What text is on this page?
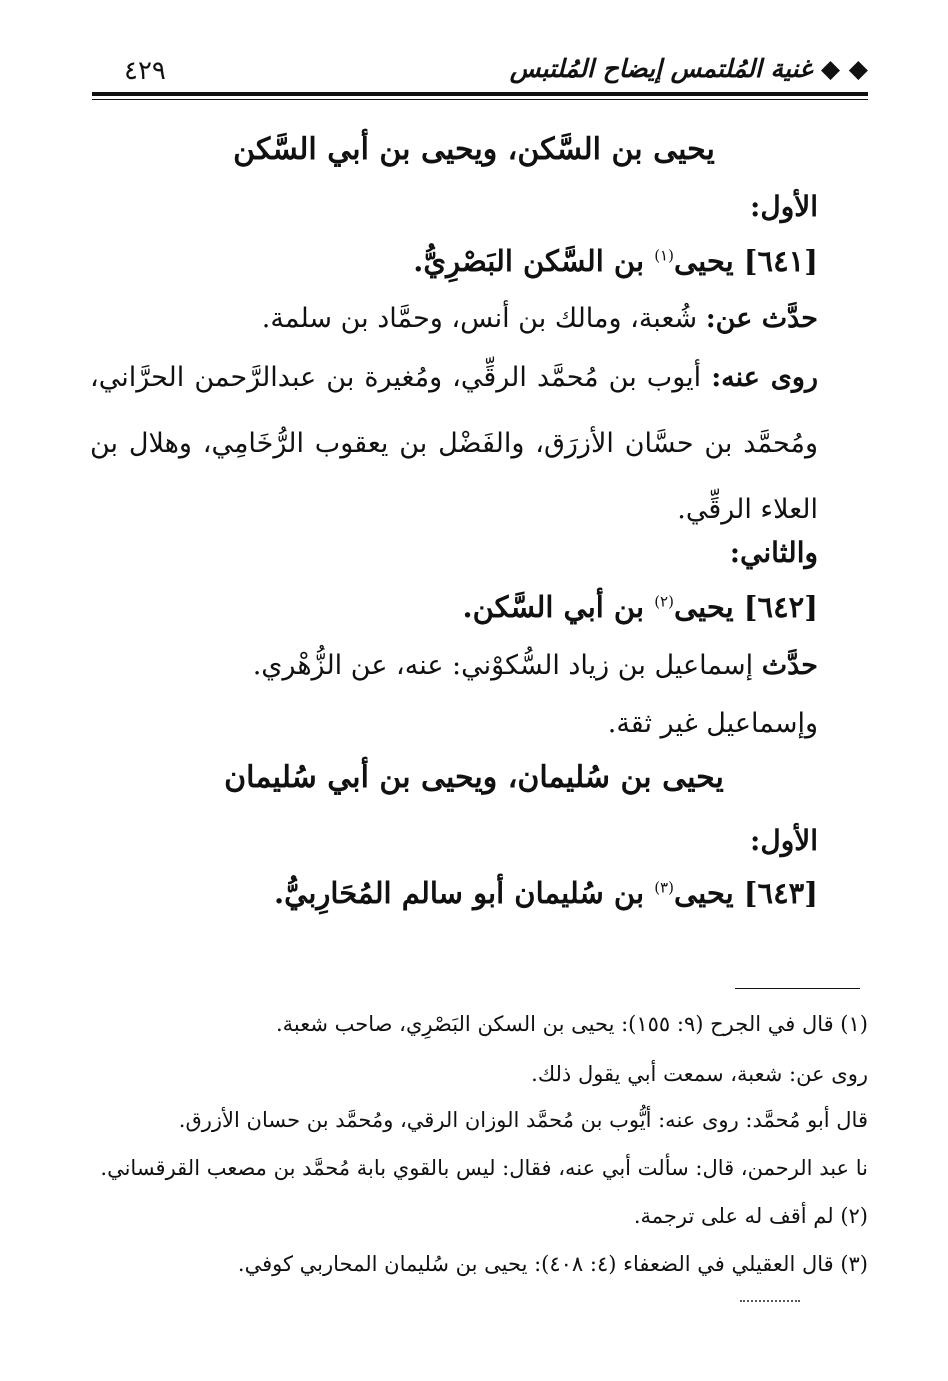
٤٢٩	◆ ◆ غنية المُلتمس إيضاح المُلتبس
يحيى بن السَّكن، ويحيى بن أبي السَّكن
الأول:
[٦٤١] يحيى$^{(١)}$ بن السَّكن البَصْرِيُّ.
حدَّث عن: شُعبة، ومالك بن أنس، وحمَّاد بن سلمة.
روى عنه: أيوب بن مُحمَّد الرقِّي، ومُغيرة بن عبدالرَّحمن الحرَّاني، ومُحمَّد بن حسَّان الأزرَق، والفَضْل بن يعقوب الرُّخَامِي، وهلال بن العلاء الرقِّي.
والثاني:
[٦٤٢] يحيى$^{(٢)}$ بن أبي السَّكن.
حدَّث إسماعيل بن زياد السُّكوْني: عنه، عن الزُّهْري.
وإسماعيل غير ثقة.
يحيى بن سُليمان، ويحيى بن أبي سُليمان
الأول:
[٦٤٣] يحيى$^{(٣)}$ بن سُليمان أبو سالم المُحَارِبيُّ.
(١) قال في الجرح (٩: ١٥٥): يحيى بن السكن البَصْرِي، صاحب شعبة.
روى عن: شعبة، سمعت أبي يقول ذلك.
قال أبو مُحمَّد: روى عنه: أيُّوب بن مُحمَّد الوزان الرقي، ومُحمَّد بن حسان الأزرق.
نا عبد الرحمن، قال: سألت أبي عنه، فقال: ليس بالقوي بابة مُحمَّد بن مصعب القرقساني.
(٢) لم أقف له على ترجمة.
(٣) قال العقيلي في الضعفاء (٤: ٤٠٨): يحيى بن سُليمان المحاربي كوفي.
